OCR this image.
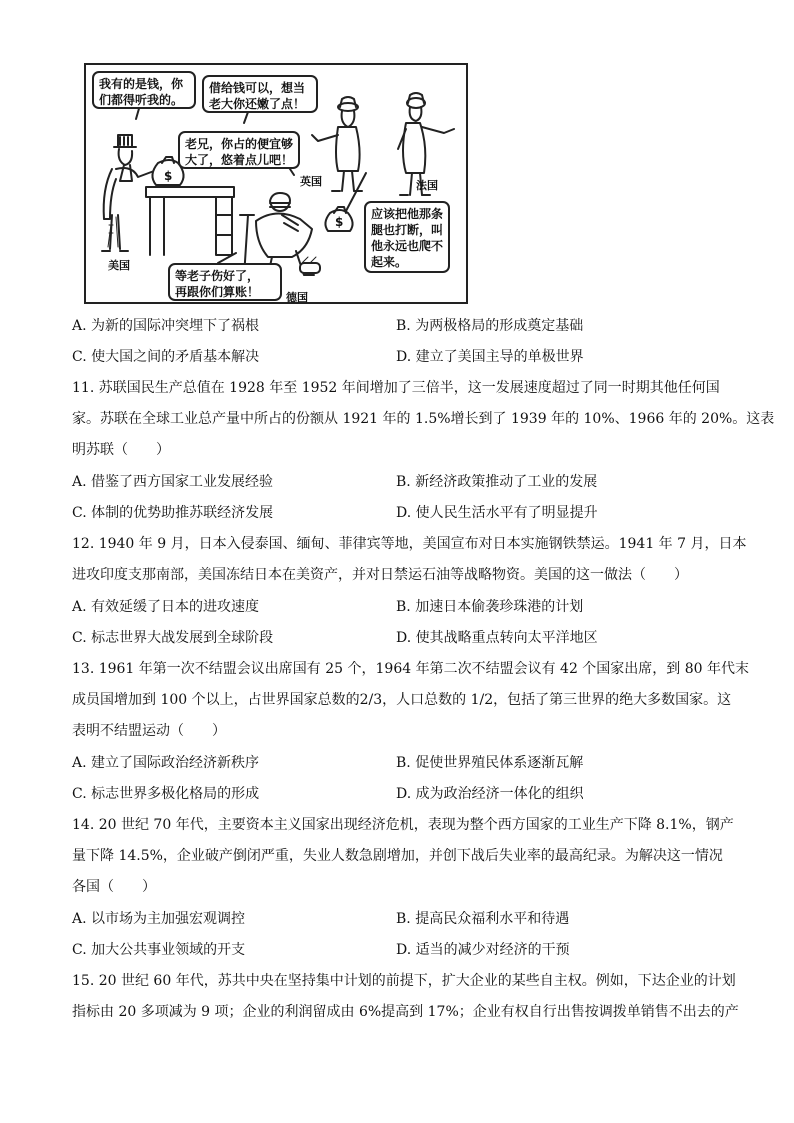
我有的是钱，你
们都得听我的。
借给钱可以，想当
老大你还嫩了点！
老兄，你占的便宜够
大了，悠着点儿吧！
应该把他那条
腿也打断，叫
他永远也爬不
起来。
等老子伤好了，
再跟你们算账！
美国
英国	法国
德国
$
$
A. 为新的国际冲突埋下了祸根	B. 为两极格局的形成奠定基础
C. 使大国之间的矛盾基本解决	D. 建立了美国主导的单极世界
11. 苏联国民生产总值在 1928 年至 1952 年间增加了三倍半，这一发展速度超过了同一时期其他任何国
家。苏联在全球工业总产量中所占的份额从 1921 年的 1.5%增长到了 1939 年的 10%、1966 年的 20%。这表
明苏联（　　）
A. 借鉴了西方国家工业发展经验	B. 新经济政策推动了工业的发展
C. 体制的优势助推苏联经济发展	D. 使人民生活水平有了明显提升
12. 1940 年 9 月，日本入侵泰国、缅甸、菲律宾等地，美国宣布对日本实施钢铁禁运。1941 年 7 月，日本
进攻印度支那南部，美国冻结日本在美资产，并对日禁运石油等战略物资。美国的这一做法（　　）
A. 有效延缓了日本的进攻速度	B. 加速日本偷袭珍珠港的计划
C. 标志世界大战发展到全球阶段	D. 使其战略重点转向太平洋地区
13. 1961 年第一次不结盟会议出席国有 25 个，1964 年第二次不结盟会议有 42 个国家出席，到 80 年代末
成员国增加到 100 个以上，占世界国家总数的2/3，人口总数的 1/2，包括了第三世界的绝大多数国家。这
表明不结盟运动（　　）
A. 建立了国际政治经济新秩序	B. 促使世界殖民体系逐渐瓦解
C. 标志世界多极化格局的形成	D. 成为政治经济一体化的组织
14. 20 世纪 70 年代，主要资本主义国家出现经济危机，表现为整个西方国家的工业生产下降 8.1%，钢产
量下降 14.5%，企业破产倒闭严重，失业人数急剧增加，并创下战后失业率的最高纪录。为解决这一情况
各国（　　）
A. 以市场为主加强宏观调控	B. 提高民众福利水平和待遇
C. 加大公共事业领域的开支	D. 适当的减少对经济的干预
15. 20 世纪 60 年代，苏共中央在坚持集中计划的前提下，扩大企业的某些自主权。例如，下达企业的计划
指标由 20 多项减为 9 项；企业的利润留成由 6%提高到 17%；企业有权自行出售按调拨单销售不出去的产
